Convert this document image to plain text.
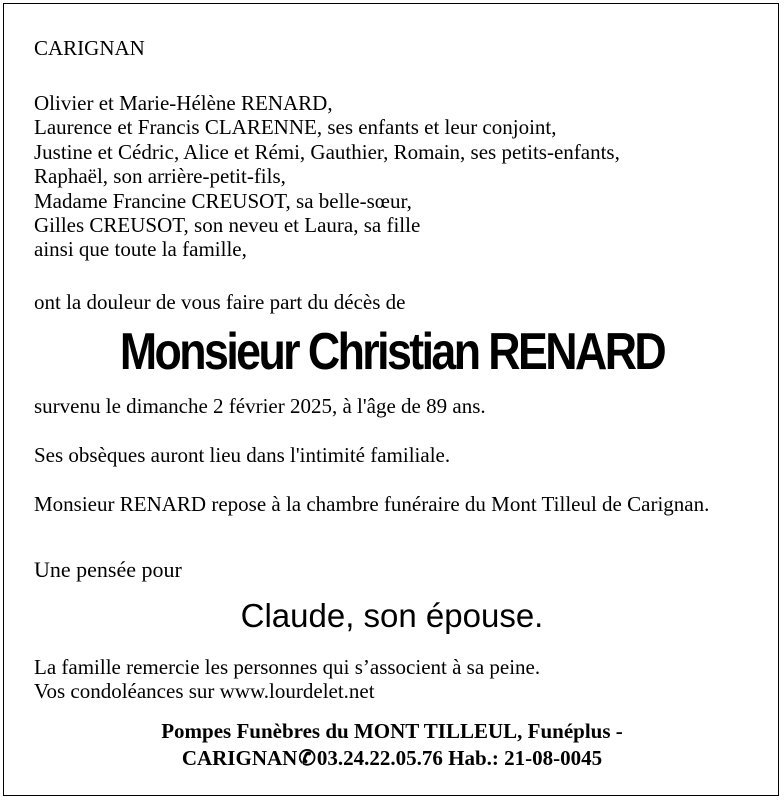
CARIGNAN
Olivier et Marie-Hélène RENARD,
Laurence et Francis CLARENNE, ses enfants et leur conjoint,
Justine et Cédric, Alice et Rémi, Gauthier, Romain, ses petits-enfants,
Raphaël, son arrière-petit-fils,
Madame Francine CREUSOT, sa belle-sœur,
Gilles CREUSOT, son neveu et Laura, sa fille
ainsi que toute la famille,
ont la douleur de vous faire part du décès de
Monsieur Christian RENARD
survenu le dimanche 2 février 2025, à l'âge de 89 ans.
Ses obsèques auront lieu dans l'intimité familiale.
Monsieur RENARD repose à la chambre funéraire du Mont Tilleul de Carignan.
Une pensée pour
Claude, son épouse.
La famille remercie les personnes qui s’associent à sa peine.
Vos condoléances sur www.lourdelet.net
Pompes Funèbres du MONT TILLEUL, Funéplus -
CARIGNAN✆03.24.22.05.76 Hab.: 21-08-0045
